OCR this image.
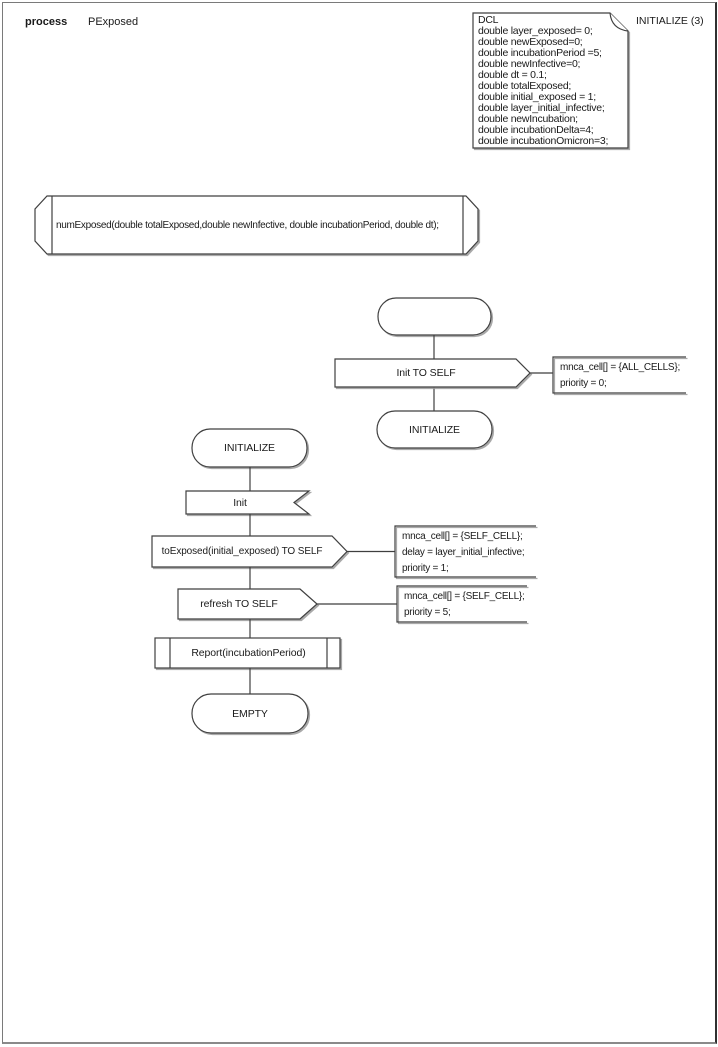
process PExposed	INITIALIZE (3)
DCL
double layer_exposed= 0;
double newExposed=0;
double incubationPeriod =5;
double newInfective=0;
double dt = 0.1;
double totalExposed;
double initial_exposed = 1;
double layer_initial_infective;
double newIncubation;
double incubationDelta=4;
double incubationOmicron=3;
numExposed(double totalExposed,double newInfective, double incubationPeriod, double dt);
Init TO SELF	mnca_cell[] = {ALL_CELLS};
priority = 0;
INITIALIZE
INITIALIZE
Init
toExposed(initial_exposed) TO SELF
mnca_cell[] = {SELF_CELL};
delay = layer_initial_infective;
priority = 1;
refresh TO SELF
mnca_cell[] = {SELF_CELL};
priority = 5;
Report(incubationPeriod)
EMPTY
